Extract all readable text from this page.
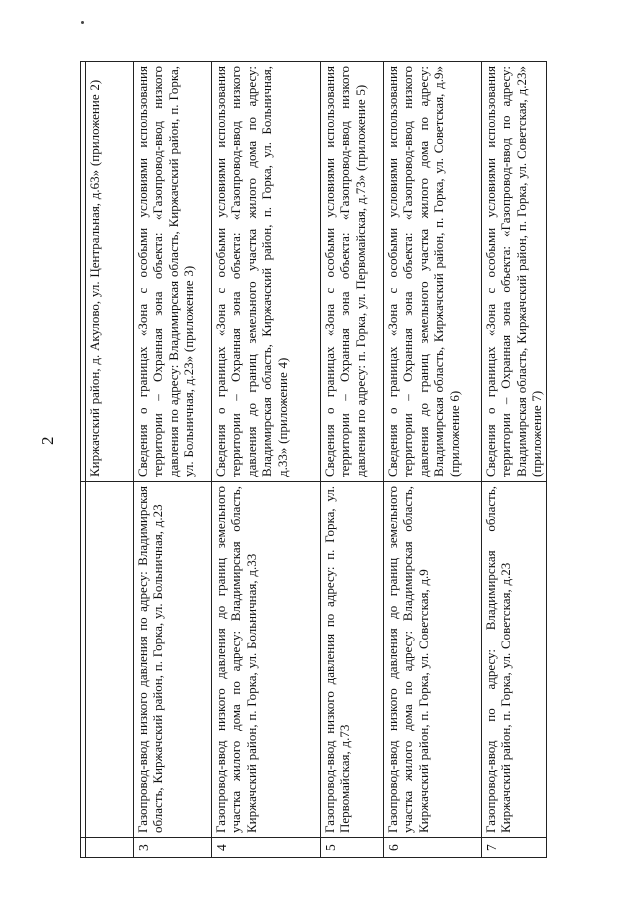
2

		Киржачский район, д. Акулово, ул. Центральная, д.63» (приложение 2)
3	Газопровод-ввод низкого давления по адресу: Владимирская область, Киржачский район, п. Горка, ул. Больничная, д.23	Сведения о границах «Зона с особыми условиями использования территории – Охранная зона объекта: «Газопровод-ввод низкого давления по адресу: Владимирская область, Киржачский район, п. Горка, ул. Больничная, д.23» (приложение 3)
4	Газопровод-ввод низкого давления до границ земельного участка жилого дома по адресу: Владимирская область, Киржачский район, п. Горка, ул. Больничная, д.33	Сведения о границах «Зона с особыми условиями использования территории – Охранная зона объекта: «Газопровод-ввод низкого давления до границ земельного участка жилого дома по адресу: Владимирская область, Киржачский район, п. Горка, ул. Больничная, д.33» (приложение 4)
5	Газопровод-ввод низкого давления по адресу: п. Горка, ул. Первомайская, д.73	Сведения о границах «Зона с особыми условиями использования территории – Охранная зона объекта: «Газопровод-ввод низкого давления по адресу: п. Горка, ул. Первомайская, д.73» (приложение 5)
6	Газопровод-ввод низкого давления до границ земельного участка жилого дома по адресу: Владимирская область, Киржачский район, п. Горка, ул. Советская, д.9	Сведения о границах «Зона с особыми условиями использования территории – Охранная зона объекта: «Газопровод-ввод низкого давления до границ земельного участка жилого дома по адресу: Владимирская область, Киржачский район, п. Горка, ул. Советская, д.9» (приложение 6)
7	Газопровод-ввод по адресу: Владимирская область, Киржачский район, п. Горка, ул. Советская, д.23	Сведения о границах «Зона с особыми условиями использования территории – Охранная зона объекта: «Газопровод-ввод по адресу: Владимирская область, Киржачский район, п. Горка, ул. Советская, д.23» (приложение 7)
